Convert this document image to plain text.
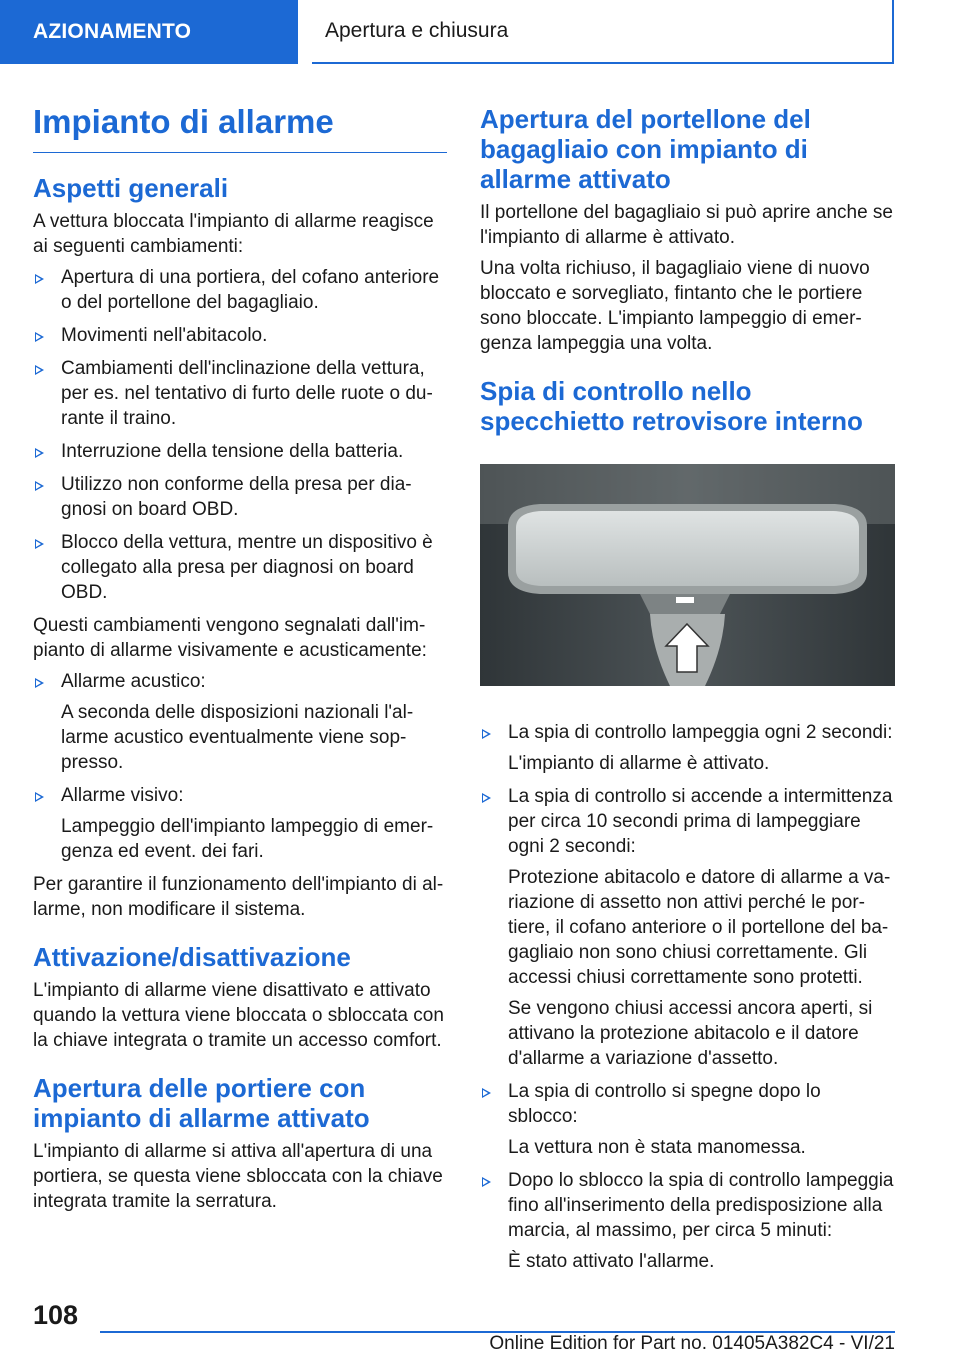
AZIONAMENTO	Apertura e chiusura
Impianto di allarme
Aspetti generali

A vettura bloccata l'impianto di allarme reagisce ai seguenti cambiamenti:

Apertura di una portiera, del cofano anteriore o del portellone del bagagliaio.
Movimenti nell'abitacolo.
Cambiamenti dell'inclinazione della vettura, per es. nel tentativo di furto delle ruote o du-rante il traino.
Interruzione della tensione della batteria.
Utilizzo non conforme della presa per dia-gnosi on board OBD.
Blocco della vettura, mentre un dispositivo è collegato alla presa per diagnosi on board OBD.

Questi cambiamenti vengono segnalati dall'im-pianto di allarme visivamente e acusticamente:

Allarme acustico:

A seconda delle disposizioni nazionali l'al-larme acustico eventualmente viene sop-presso.

Allarme visivo:

Lampeggio dell'impianto lampeggio di emer-genza ed event. dei fari.

Per garantire il funzionamento dell'impianto di al-larme, non modificare il sistema.

Attivazione/disattivazione

L'impianto di allarme viene disattivato e attivato quando la vettura viene bloccata o sbloccata con la chiave integrata o tramite un accesso comfort.

Apertura delle portiere con impianto di allarme attivato

L'impianto di allarme si attiva all'apertura di una portiera, se questa viene sbloccata con la chiave integrata tramite la serratura.

Apertura del portellone del bagagliaio con impianto di allarme attivato

Il portellone del bagagliaio si può aprire anche se l'impianto di allarme è attivato.

Una volta richiuso, il bagagliaio viene di nuovo bloccato e sorvegliato, fintanto che le portiere sono bloccate. L'impianto lampeggio di emer-genza lampeggia una volta.

Spia di controllo nello specchietto retrovisore interno
La spia di controllo lampeggia ogni 2 secondi:

L'impianto di allarme è attivato.

La spia di controllo si accende a intermittenza per circa 10 secondi prima di lampeggiare ogni 2 secondi:

Protezione abitacolo e datore di allarme a va-riazione di assetto non attivi perché le por-tiere, il cofano anteriore o il portellone del ba-gagliaio non sono chiusi correttamente. Gli accessi chiusi correttamente sono protetti.

Se vengono chiusi accessi ancora aperti, si attivano la protezione abitacolo e il datore d'allarme a variazione d'assetto.

La spia di controllo si spegne dopo lo sblocco:

La vettura non è stata manomessa.

Dopo lo sblocco la spia di controllo lampeggia fino all'inserimento della predisposizione alla marcia, al massimo, per circa 5 minuti:

È stato attivato l'allarme.

108
Online Edition for Part no. 01405A382C4 - VI/21
